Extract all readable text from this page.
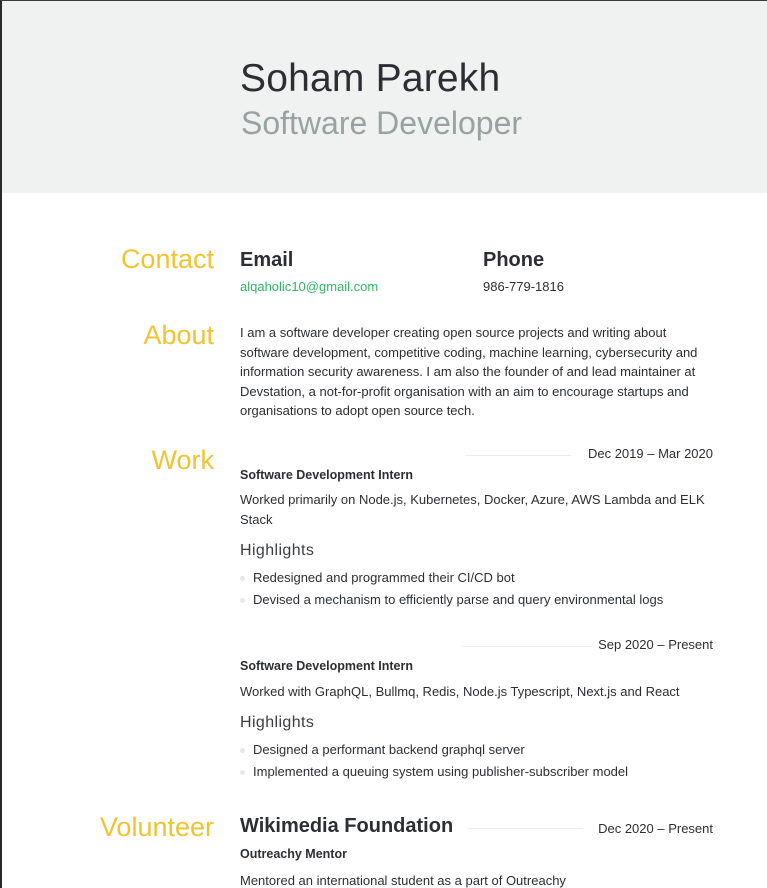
Soham Parekh
Software Developer
Contact Email
alqaholic10@gmail.com
Phone
986-779-1816
About I am a software developer creating open source projects and writing about software development, competitive coding, machine learning, cybersecurity and information security awareness. I am also the founder of and lead maintainer at Devstation, a not-for-profit organisation with an aim to encourage startups and organisations to adopt open source tech.
Work	Dec 2019 – Mar 2020
Software Development Intern
Worked primarily on Node.js, Kubernetes, Docker, Azure, AWS Lambda and ELK Stack
Highlights
Redesigned and programmed their CI/CD bot
Devised a mechanism to efficiently parse and query environmental logs
Sep 2020 – Present
Software Development Intern
Worked with GraphQL, Bullmq, Redis, Node.js Typescript, Next.js and React
Highlights
Designed a performant backend graphql server
Implemented a queuing system using publisher-subscriber model
Volunteer Wikimedia Foundation	Dec 2020 – Present
Outreachy Mentor
Mentored an international student as a part of Outreachy
